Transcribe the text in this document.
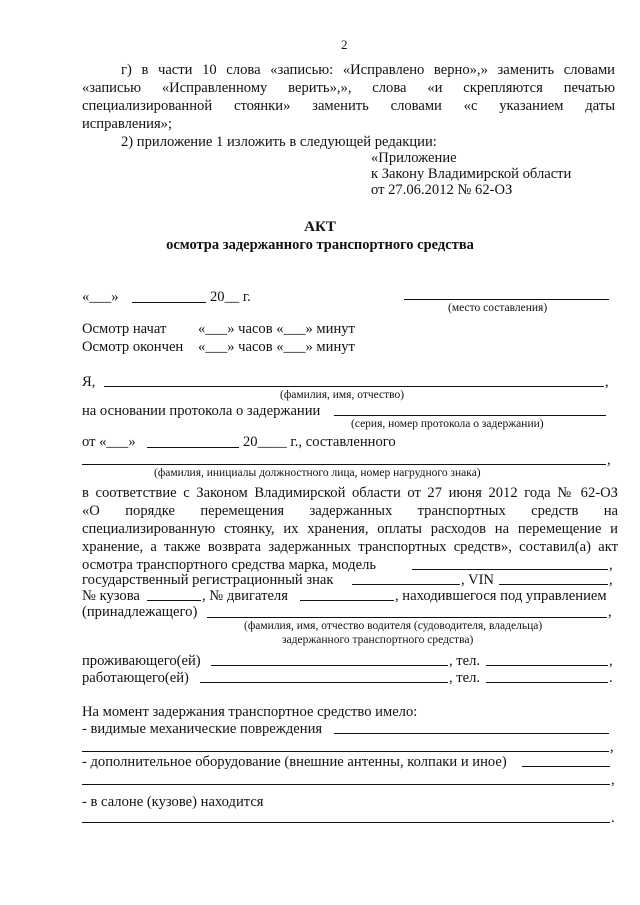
2
г) в части 10 слова «записью: «Исправлено верно»,» заменить словами
«записью «Исправленному верить»,», слова «и скрепляются печатью
специализированной стоянки» заменить словами «с указанием даты
исправления»;
2) приложение 1 изложить в следующей редакции:
«Приложение
к Закону Владимирской области
от 27.06.2012 № 62-ОЗ
АКТ
осмотра задержанного транспортного средства
«___»	20__ г.
(место составления)
Осмотр начат «___» часов «___» минут
Осмотр окончен «___» часов «___» минут
Я,	,
(фамилия, имя, отчество)
на основании протокола о задержании
(серия, номер протокола о задержании)
от «___»	20____ г., составленного
,
(фамилия, инициалы должностного лица, номер нагрудного знака)
в соответствие с Законом Владимирской области от 27 июня 2012 года № 62-ОЗ
«О порядке перемещения задержанных транспортных средств на
специализированную стоянку, их хранения, оплаты расходов на перемещение и
хранение, а также возврата задержанных транспортных средств», составил(а) акт
осмотра транспортного средства марка, модель	,
государственный регистрационный знак	, VIN	,
№ кузова	, № двигателя	, находившегося под управлением
(принадлежащего)	,
(фамилия, имя, отчество водителя (судоводителя, владельца)
задержанного транспортного средства)
проживающего(ей)	, тел.	,
работающего(ей)	, тел.	.
На момент задержания транспортное средство имело:
- видимые механические повреждения
,
- дополнительное оборудование (внешние антенны, колпаки и иное)
,
- в салоне (кузове) находится
.
